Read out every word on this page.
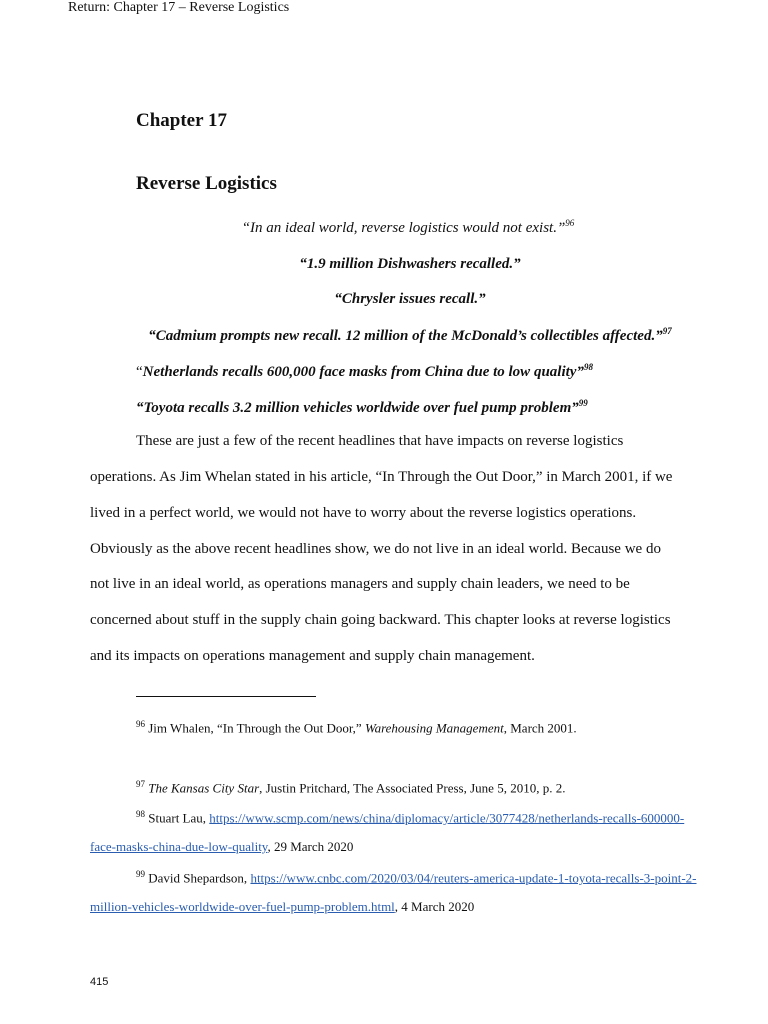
Return: Chapter 17 – Reverse Logistics
Chapter 17
Reverse Logistics
“In an ideal world, reverse logistics would not exist.”$^{96}$
“1.9 million Dishwashers recalled.”
“Chrysler issues recall.”
“Cadmium prompts new recall. 12 million of the McDonald’s collectibles affected.”$^{97}$
“Netherlands recalls 600,000 face masks from China due to low quality”$^{98}$
“Toyota recalls 3.2 million vehicles worldwide over fuel pump problem”$^{99}$
These are just a few of the recent headlines that have impacts on reverse logistics
operations. As Jim Whelan stated in his article, “In Through the Out Door,” in March 2001, if we
lived in a perfect world, we would not have to worry about the reverse logistics operations.
Obviously as the above recent headlines show, we do not live in an ideal world. Because we do
not live in an ideal world, as operations managers and supply chain leaders, we need to be
concerned about stuff in the supply chain going backward. This chapter looks at reverse logistics
and its impacts on operations management and supply chain management.
$^{96}$ Jim Whalen, “In Through the Out Door,” Warehousing Management, March 2001.
$^{97}$ The Kansas City Star, Justin Pritchard, The Associated Press, June 5, 2010, p. 2.
$^{98}$ Stuart Lau, https://www.scmp.com/news/china/diplomacy/article/3077428/netherlands-recalls-600000-
face-masks-china-due-low-quality, 29 March 2020
$^{99}$ David Shepardson, https://www.cnbc.com/2020/03/04/reuters-america-update-1-toyota-recalls-3-point-2-
million-vehicles-worldwide-over-fuel-pump-problem.html, 4 March 2020
415
